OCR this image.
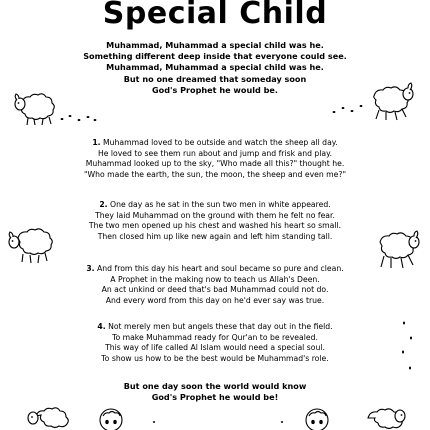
Special Child
Muhammad, Muhammad a special child was he.
Something different deep inside that everyone could see.
Muhammad, Muhammad a special child was he.
But no one dreamed that someday soon
God's Prophet he would be.
1. Muhammad loved to be outside and watch the sheep all day.
He loved to see them run about and jump and frisk and play.
Muhammad looked up to the sky, "Who made all this?" thought he.
"Who made the earth, the sun, the moon, the sheep and even me?"
2. One day as he sat in the sun two men in white appeared.
They laid Muhammad on the ground with them he felt no fear.
The two men opened up his chest and washed his heart so small.
Then closed him up like new again and left him standing tall.
3. And from this day his heart and soul became so pure and clean.
A Prophet in the making now to teach us Allah's Deen.
An act unkind or deed that's bad Muhammad could not do.
And every word from this day on he'd ever say was true.
4. Not merely men but angels these that day out in the field.
To make Muhammad ready for Qur'an to be revealed.
This way of life called Al Islam would need a special soul.
To show us how to be the best would be Muhammad's role.
But one day soon the world would know
God's Prophet he would be!
